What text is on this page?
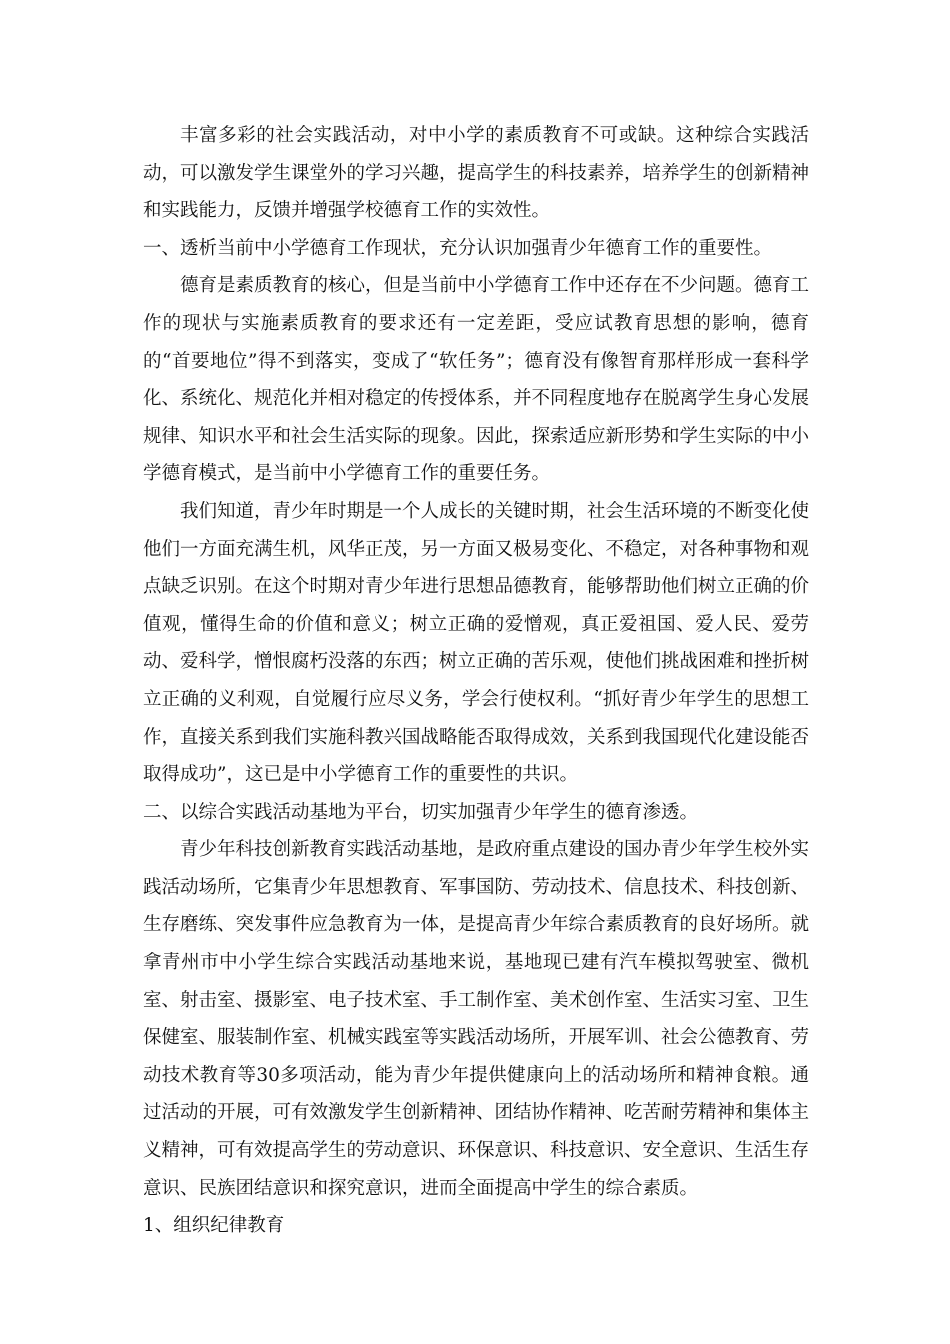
丰富多彩的社会实践活动，对中小学的素质教育不可或缺。这种综合实践活动，可以激发学生课堂外的学习兴趣，提高学生的科技素养，培养学生的创新精神和实践能力，反馈并增强学校德育工作的实效性。

一、透析当前中小学德育工作现状，充分认识加强青少年德育工作的重要性。

德育是素质教育的核心，但是当前中小学德育工作中还存在不少问题。德育工作的现状与实施素质教育的要求还有一定差距，受应试教育思想的影响，德育的“首要地位”得不到落实，变成了“软任务”；德育没有像智育那样形成一套科学化、系统化、规范化并相对稳定的传授体系，并不同程度地存在脱离学生身心发展规律、知识水平和社会生活实际的现象。因此，探索适应新形势和学生实际的中小学德育模式，是当前中小学德育工作的重要任务。

我们知道，青少年时期是一个人成长的关键时期，社会生活环境的不断变化使他们一方面充满生机，风华正茂，另一方面又极易变化、不稳定，对各种事物和观点缺乏识别。在这个时期对青少年进行思想品德教育，能够帮助他们树立正确的价值观，懂得生命的价值和意义；树立正确的爱憎观，真正爱祖国、爱人民、爱劳动、爱科学，憎恨腐朽没落的东西；树立正确的苦乐观，使他们挑战困难和挫折树立正确的义利观，自觉履行应尽义务，学会行使权利。“抓好青少年学生的思想工作，直接关系到我们实施科教兴国战略能否取得成效，关系到我国现代化建设能否取得成功”，这已是中小学德育工作的重要性的共识。

二、以综合实践活动基地为平台，切实加强青少年学生的德育渗透。

青少年科技创新教育实践活动基地，是政府重点建设的国办青少年学生校外实践活动场所，它集青少年思想教育、军事国防、劳动技术、信息技术、科技创新、生存磨练、突发事件应急教育为一体，是提高青少年综合素质教育的良好场所。就拿青州市中小学生综合实践活动基地来说，基地现已建有汽车模拟驾驶室、微机室、射击室、摄影室、电子技术室、手工制作室、美术创作室、生活实习室、卫生保健室、服装制作室、机械实践室等实践活动场所，开展军训、社会公德教育、劳动技术教育等30多项活动，能为青少年提供健康向上的活动场所和精神食粮。通过活动的开展，可有效激发学生创新精神、团结协作精神、吃苦耐劳精神和集体主义精神，可有效提高学生的劳动意识、环保意识、科技意识、安全意识、生活生存意识、民族团结意识和探究意识，进而全面提高中学生的综合素质。

1、组织纪律教育
